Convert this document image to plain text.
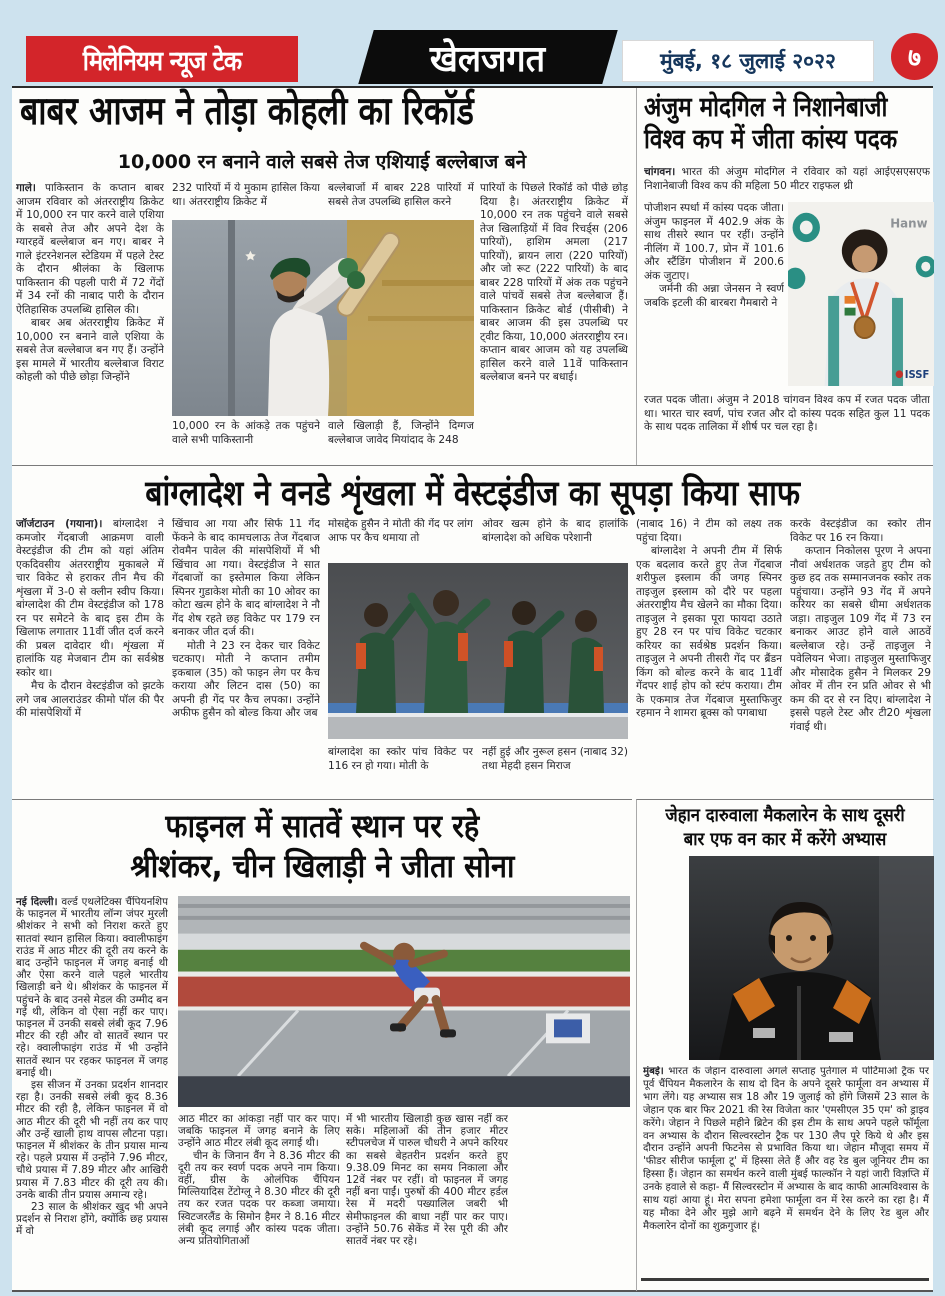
मिलेनियम न्यूज टेक	खेलजगत	मुंबई, १८ जुलाई २०२२	७
बाबर आजम ने तोड़ा कोहली का रिकॉर्ड
10,000 रन बनाने वाले सबसे तेज एशियाई बल्लेबाज बने

गाले। पाकिस्तान के कप्तान बाबर आजम रविवार को अंतरराष्ट्रीय क्रिकेट में 10,000 रन पार करने वाले एशिया के सबसे तेज और अपने देश के ग्यारहवें बल्लेबाज बन गए। बाबर ने गाले इंटरनेशनल स्टेडियम में पहले टेस्ट के दौरान श्रीलंका के खिलाफ पाकिस्तान की पहली पारी में 72 गेंदों में 34 रनों की नाबाद पारी के दौरान ऐतिहासिक उपलब्धि हासिल की।

बाबर अब अंतरराष्ट्रीय क्रिकेट में 10,000 रन बनाने वाले एशिया के सबसे तेज बल्लेबाज बन गए हैं। उन्होंने इस मामले में भारतीय बल्लेबाज विराट कोहली को पीछे छोड़ा जिन्होंने

232 पारियों में ये मुकाम हासिल किया था। अंतरराष्ट्रीय क्रिकेट में

10,000 रन के आंकड़े तक पहुंचने वाले सभी पाकिस्तानी

बल्लेबाजों में बाबर 228 पारियों में सबसे तेज उपलब्धि हासिल करने

वाले खिलाड़ी हैं, जिन्होंने दिग्गज बल्लेबाज जावेद मियांदाद के 248

पारियों के पिछले रिकॉर्ड को पीछे छोड़ दिया है। अंतरराष्ट्रीय क्रिकेट में 10,000 रन तक पहुंचने वाले सबसे तेज खिलाड़ियों में विव रिचर्ड्स (206 पारियों), हाशिम अमला (217 पारियों), ब्रायन लारा (220 पारियों) और जो रूट (222 पारियों) के बाद बाबर 228 पारियों में अंक तक पहुंचने वाले पांचवें सबसे तेज बल्लेबाज हैं। पाकिस्तान क्रिकेट बोर्ड (पीसीबी) ने बाबर आजम की इस उपलब्धि पर ट्वीट किया, 10,000 अंतरराष्ट्रीय रन। कप्तान बाबर आजम को यह उपलब्धि हासिल करने वाले 11वें पाकिस्तान बल्लेबाज बनने पर बधाई।

अंजुम मोदगिल ने निशानेबाजी
विश्व कप में जीता कांस्य पदक

चांगवन। भारत की अंजुम मोदगिल ने रविवार को यहां आईएसएसएफ निशानेबाजी विश्व कप की महिला 50 मीटर राइफल थ्री

पोजीशन स्पर्धा में कांस्य पदक जीता। अंजुम फाइनल में 402.9 अंक के साथ तीसरे स्थान पर रहीं। उन्होंने नीलिंग में 100.7, प्रोन में 101.6 और स्टैंडिंग पोजीशन में 200.6 अंक जुटाए।

जर्मनी की अन्ना जेनसन ने स्वर्ण जबकि इटली की बारबरा गैमबारो ने

रजत पदक जीता। अंजुम ने 2018 चांगवन विश्व कप में रजत पदक जीता था। भारत चार स्वर्ण, पांच रजत और दो कांस्य पदक सहित कुल 11 पदक के साथ पदक तालिका में शीर्ष पर चल रहा है।

Hanw
ISSF
बांग्लादेश ने वनडे शृंखला में वेस्टइंडीज का सूपड़ा किया साफ

जॉर्जटाउन (गयाना)। बांग्लादेश ने कमजोर गेंदबाजी आक्रमण वाली वेस्टइंडीज की टीम को यहां अंतिम एकदिवसीय अंतरराष्ट्रीय मुकाबले में चार विकेट से हराकर तीन मैच की शृंखला में 3-0 से क्लीन स्वीप किया। बांग्लादेश की टीम वेस्टइंडीज को 178 रन पर समेटने के बाद इस टीम के खिलाफ लगातार 11वीं जीत दर्ज करने की प्रबल दावेदार थी। शृंखला में हालांकि यह मेजबान टीम का सर्वश्रेष्ठ स्कोर था।

मैच के दौरान वेस्टइंडीज को झटके लगे जब आलराउंडर कीमो पॉल की पैर की मांसपेशियों में

खिंचाव आ गया और सिर्फ 11 गेंद फेंकने के बाद कामचलाऊ तेज गेंदबाज रोवमैन पावेल की मांसपेशियों में भी खिंचाव आ गया। वेस्टइंडीज ने सात गेंदबाजों का इस्तेमाल किया लेकिन स्पिनर गुडाकेश मोती का 10 ओवर का कोटा खत्म होने के बाद बांग्लादेश ने नौ गेंद शेष रहते छह विकेट पर 179 रन बनाकर जीत दर्ज की।

मोती ने 23 रन देकर चार विकेट चटकाए। मोती ने कप्तान तमीम इकबाल (35) को फाइन लेग पर कैच कराया और लिटन दास (50) का अपनी ही गेंद पर कैच लपका। उन्होंने अफीफ हुसैन को बोल्ड किया और जब

मोसद्देक हुसैन ने मोती की गेंद पर लांग आफ पर कैच थमाया तो

ओवर खत्म होने के बाद हालांकि बांग्लादेश को अधिक परेशानी

बांग्लादेश का स्कोर पांच विकेट पर 116 रन हो गया। मोती के

नहीं हुई और नुरूल हसन (नाबाद 32) तथा मेहदी हसन मिराज

(नाबाद 16) ने टीम को लक्ष्य तक पहुंचा दिया।

बांग्लादेश ने अपनी टीम में सिर्फ एक बदलाव करते हुए तेज गेंदबाज शरीफुल इस्लाम की जगह स्पिनर ताइजुल इस्लाम को दौरे पर पहला अंतरराष्ट्रीय मैच खेलने का मौका दिया। ताइजुल ने इसका पूरा फायदा उठाते हुए 28 रन पर पांच विकेट चटकार करियर का सर्वश्रेष्ठ प्रदर्शन किया। ताइजुल ने अपनी तीसरी गेंद पर ब्रैंडन किंग को बोल्ड करने के बाद 11वीं गेंदपर शाई होप को स्टंप कराया। टीम के एकमात्र तेज गेंदबाज मुस्ताफिजुर रहमान ने शामरा ब्रूक्स को पगबाधा

करके वेस्टइंडीज का स्कोर तीन विकेट पर 16 रन किया।

कप्तान निकोलस पूरण ने अपना नौवां अर्धशतक जड़ते हुए टीम को कुछ हद तक सम्मानजनक स्कोर तक पहुंचाया। उन्होंने 93 गेंद में अपने करियर का सबसे धीमा अर्धशतक जड़ा। ताइजुल 109 गेंद में 73 रन बनाकर आउट होने वाले आठवें बल्लेबाज रहे। उन्हें ताइजुल ने पवेलियन भेजा। ताइजुल मुस्ताफिजुर और मोसादेक हुसैन ने मिलकर 29 ओवर में तीन रन प्रति ओवर से भी कम की दर से रन दिए। बांग्लादेश ने इससे पहले टेस्ट और टी20 शृंखला गंवाई थी।

फाइनल में सातवें स्थान पर रहे
श्रीशंकर, चीन खिलाड़ी ने जीता सोना

नई दिल्ली। वर्ल्ड एथलेटिक्स चैंपियनशिप के फाइनल में भारतीय लॉन्ग जंपर मुरली श्रीशंकर ने सभी को निराश करते हुए सातवां स्थान हासिल किया। क्वालीफाइंग राउंड में आठ मीटर की दूरी तय करने के बाद उन्होंने फाइनल में जगह बनाई थी और ऐसा करने वाले पहले भारतीय खिलाड़ी बने थे। श्रीशंकर के फाइनल में पहुंचने के बाद उनसे मेडल की उम्मीद बन गई थी, लेकिन वो ऐसा नहीं कर पाए। फाइनल में उनकी सबसे लंबी कूद 7.96 मीटर की रही और वो सातवें स्थान पर रहे। क्वालीफाइंग राउंड में भी उन्होंने सातवें स्थान पर रहकर फाइनल में जगह बनाई थी।

इस सीजन में उनका प्रदर्शन शानदार रहा है। उनकी सबसे लंबी कूद 8.36 मीटर की रही है, लेकिन फाइनल में वो आठ मीटर की दूरी भी नहीं तय कर पाए और उन्हें खाली हाथ वापस लौटना पड़ा। फाइनल में श्रीशंकर के तीन प्रयास मान्य रहे। पहले प्रयास में उन्होंने 7.96 मीटर, चौथे प्रयास में 7.89 मीटर और आखिरी प्रयास में 7.83 मीटर की दूरी तय की। उनके बाकी तीन प्रयास अमान्य रहे।

23 साल के श्रीशंकर खुद भी अपने प्रदर्शन से निराश होंगे, क्योंकि छह प्रयास में वो

आठ मीटर का आंकड़ा नहीं पार कर पाए। जबकि फाइनल में जगह बनाने के लिए उन्होंने आठ मीटर लंबी कूद लगाई थी।

चीन के जिनान वैंग ने 8.36 मीटर की दूरी तय कर स्वर्ण पदक अपने नाम किया। वहीं, ग्रीस के ओलंपिक चैंपियन मिल्तियादिस टेंटोग्लू ने 8.30 मीटर की दूरी तय कर रजत पदक पर कब्जा जमाया। स्विटजरलैंड के सिमोन हैमर ने 8.16 मीटर लंबी कूद लगाई और कांस्य पदक जीता। अन्य प्रतियोगिताओं

में भी भारतीय खिलाड़ी कुछ खास नहीं कर सके। महिलाओं की तीन हजार मीटर स्टीपलचेज में पारुल चौधरी ने अपने करियर का सबसे बेहतरीन प्रदर्शन करते हुए 9.38.09 मिनट का समय निकाला और 12वें नंबर पर रहीं। वो फाइनल में जगह नहीं बना पाईं। पुरुषों की 400 मीटर हर्डल रेस में मदरी पख्यालिल जबरी भी सेमीफाइनल की बाधा नहीं पार कर पाए। उन्होंने 50.76 सेकेंड में रेस पूरी की और सातवें नंबर पर रहे।

जेहान दारुवाला मैकलारेन के साथ दूसरी
बार एफ वन कार में करेंगे अभ्यास

मुंबई। भारत के जेहान दारुवाला अगले सप्ताह पुर्तगाल में पोर्टिमाओ ट्रैक पर पूर्व चैंपियन मैकलारेन के साथ दो दिन के अपने दूसरे फार्मूला वन अभ्यास में भाग लेंगे। यह अभ्यास सत्र 18 और 19 जुलाई को होंगे जिसमें 23 साल के जेहान एक बार फिर 2021 की रेस विजेता कार 'एमसीएल 35 एम' को ड्राइव करेंगे। जेहान ने पिछले महीने ब्रिटेन की इस टीम के साथ अपने पहले फॉर्मूला वन अभ्यास के दौरान सिल्वरस्टोन ट्रैक पर 130 लैप पूरे किये थे और इस दौरान उन्होंने अपनी फिटनेस से प्रभावित किया था। जेहान मौजूदा समय में 'फीडर सीरीज फार्मूला टू' में हिस्सा लेते हैं और वह रेड बुल जूनियर टीम का हिस्सा हैं। जेहान का समर्थन करने वाली मुंबई फाल्कॉन ने यहां जारी विज्ञप्ति में उनके हवाले से कहा- मैं सिल्वरस्टोन में अभ्यास के बाद काफी आत्मविश्वास के साथ यहां आया हूं। मेरा सपना हमेशा फार्मूला वन में रेस करने का रहा है। मैं यह मौका देने और मुझे आगे बढ़ने में समर्थन देने के लिए रेड बुल और मैकलारेन दोनों का शुक्रगुजार हूं।
